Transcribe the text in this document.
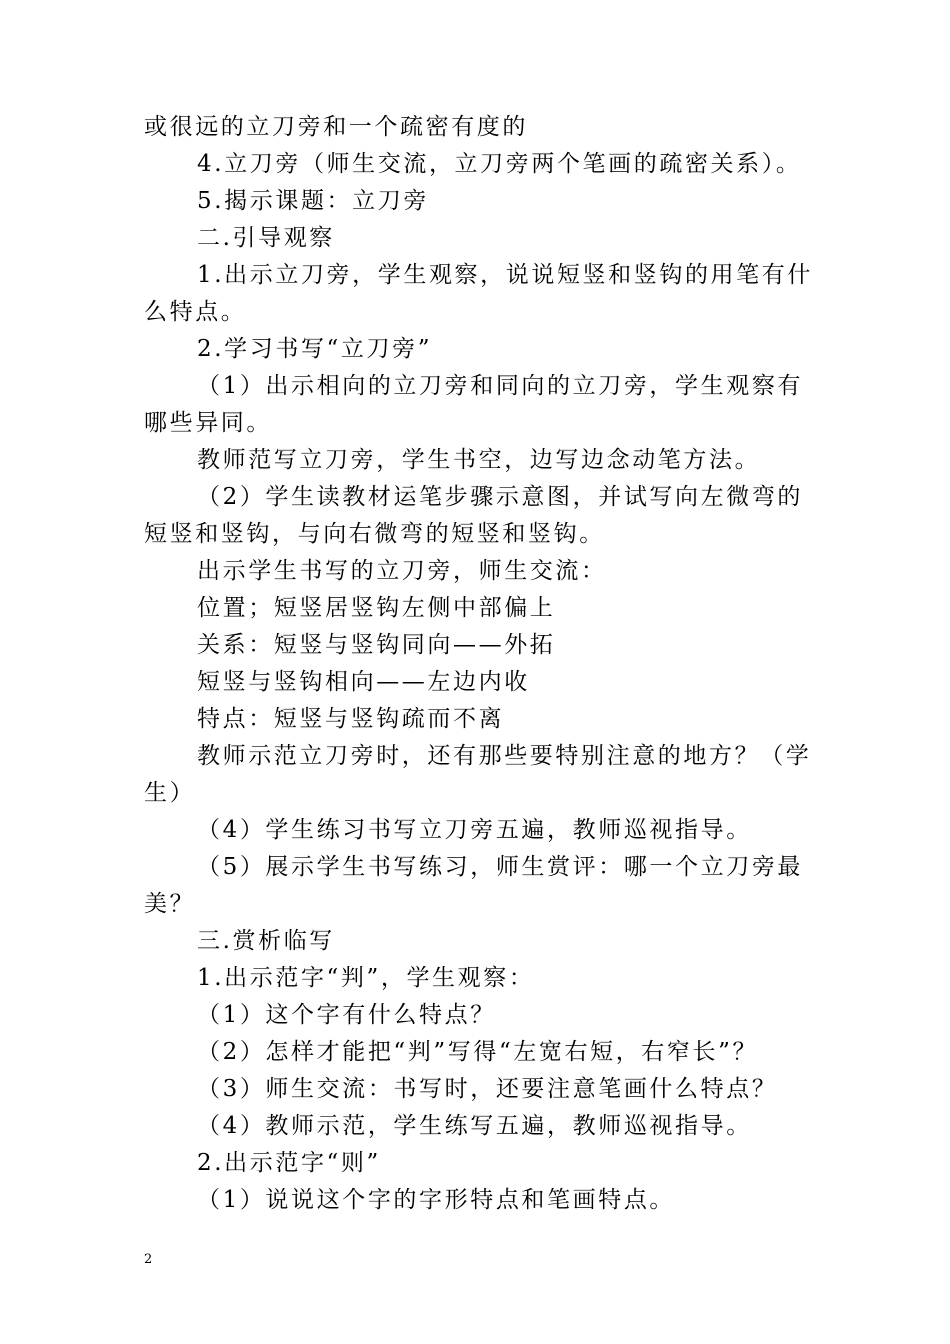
或很远的立刀旁和一个疏密有度的
4.立刀旁（师生交流，立刀旁两个笔画的疏密关系）。
5.揭示课题：立刀旁
二.引导观察
1.出示立刀旁，学生观察，说说短竖和竖钩的用笔有什
么特点。
2.学习书写“立刀旁”
（1）出示相向的立刀旁和同向的立刀旁，学生观察有
哪些异同。
教师范写立刀旁，学生书空，边写边念动笔方法。
（2）学生读教材运笔步骤示意图，并试写向左微弯的
短竖和竖钩，与向右微弯的短竖和竖钩。
出示学生书写的立刀旁，师生交流：
位置；短竖居竖钩左侧中部偏上
关系：短竖与竖钩同向——外拓
短竖与竖钩相向——左边内收
特点：短竖与竖钩疏而不离
教师示范立刀旁时，还有那些要特别注意的地方？（学
生）
（4）学生练习书写立刀旁五遍，教师巡视指导。
（5）展示学生书写练习，师生赏评：哪一个立刀旁最
美？
三.赏析临写
1.出示范字“判”，学生观察：
（1）这个字有什么特点？
（2）怎样才能把“判”写得“左宽右短，右窄长”？
（3）师生交流：书写时，还要注意笔画什么特点？
（4）教师示范，学生练写五遍，教师巡视指导。
2.出示范字“则”
（1）说说这个字的字形特点和笔画特点。
2
